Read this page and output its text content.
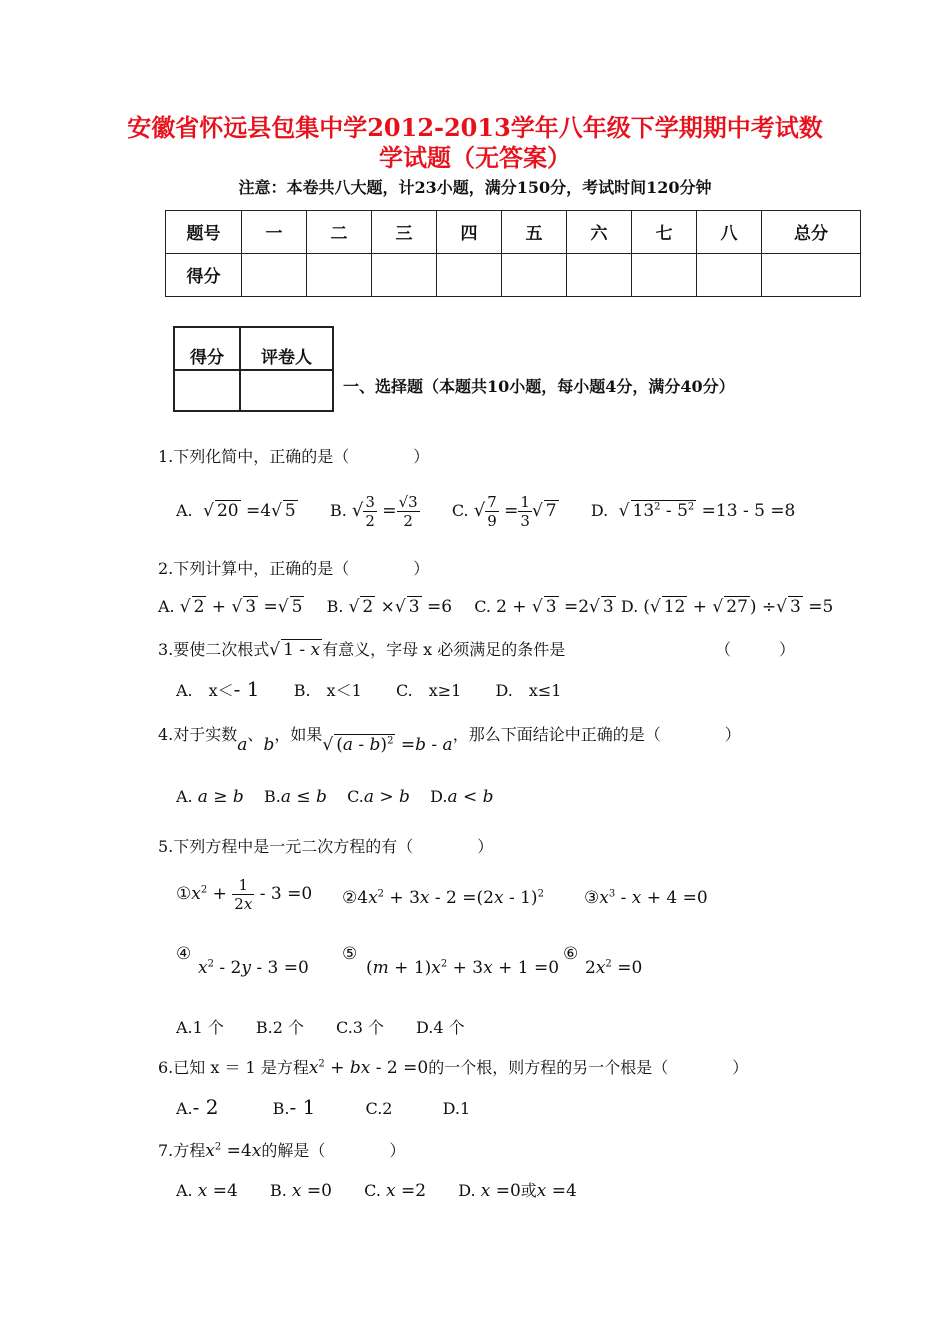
安徽省怀远县包集中学2012-2013学年八年级下学期期中考试数
学试题（无答案）
注意：本卷共八大题，计23小题，满分150分，考试时间120分钟
题号	一	二	三	四	五	六	七	八	总分
得分									
得分	评卷人

一、选择题（本题共10小题，每小题4分，满分40分）
1.下列化简中，正确的是（　　　　）
A.  √ 20 =4√ 5 B. √ $\frac{3}{2} = \frac{√3}{2} C$. √ $\frac{7}{9} = \frac{1}{3}$ √ 7 D.  √ $13^2 - 5^2 =13 - 5 =8$
2.下列计算中，正确的是（　　　　）
A. √ 2 + √ 3 =√ 5 B. √ 2 ×√ 3 =6 C. 2 + √ 3 =2√ 3 D. (√ 12 + √ 27 ) ÷√ 3 =5
3.要使二次根式√ 1 - x 有意义，字母 x 必须满足的条件是	（　　　）
A.　x＜- 1 B.　x＜1 C.　x≥1 D.　x≤1
4.对于实数a、b，如果√ (a - b)$^2$ =b - a，那么下面结论中正确的是（　　　　）
A. a ≥ b B.a ≤ b C.a > b D.a < b
5.下列方程中是一元二次方程的有（　　　　）
$①x^2 + \frac{1}{2x} - 3 =0$ $②4x^2 + 3x - 2 =(2x - 1)^2$ $③x^3 - x + 4 =0$
④
$x^2 - 2y - 3 =0$
⑤
$(m + 1)x^2 + 3x + 1 =0$
⑥
$2x^2 =0$
A.1 个　　B.2 个　　C.3 个　　D.4 个
6.已知 x ＝ 1 是方程$x^2$ + bx - 2 =0的一个根，则方程的另一个根是（　　　　）
A.- 2	B.- 1	C.2	D.1
7.方程$x^2 =4x$的解是（　　　　）
A. x =4 B. x =0 C. x =2 D. x =0或x =4
